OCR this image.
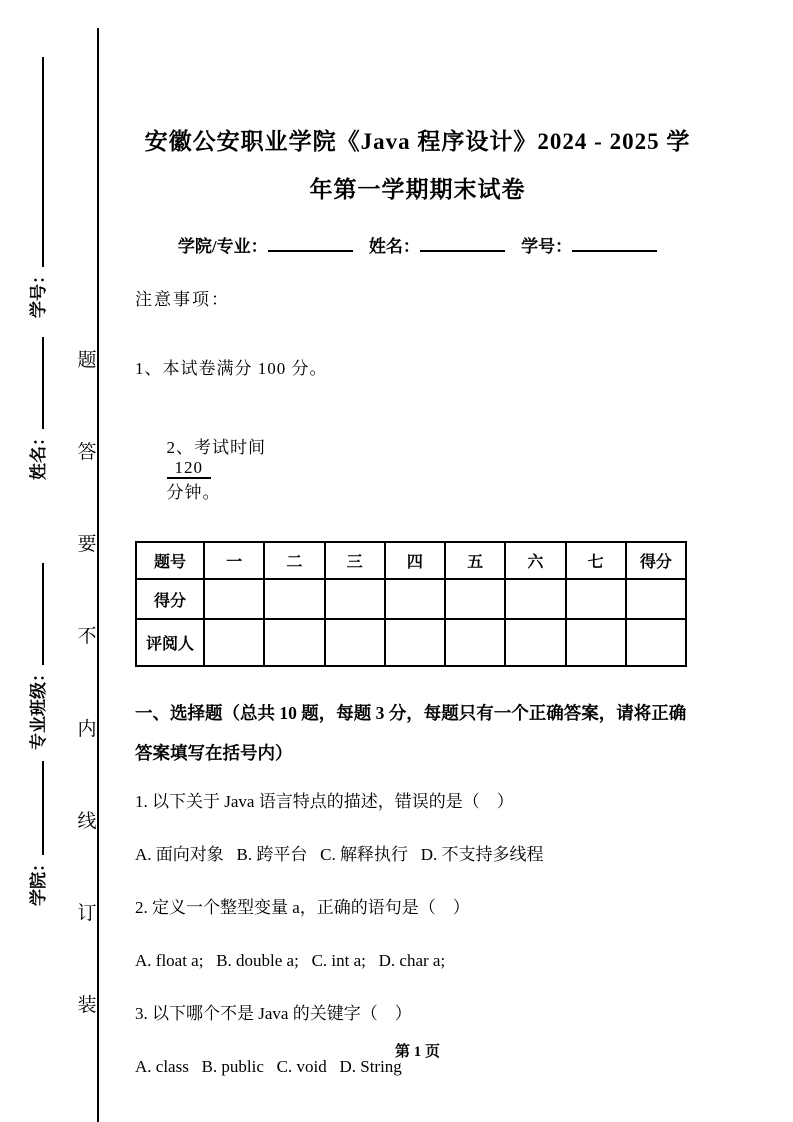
学号：
姓名：
专业班级：
学院：
题
答
要
不
内
线
订
装
安徽公安职业学院《Java 程序设计》2024 - 2025 学
年第一学期期末试卷
学院/专业：	姓名：	学号：
注意事项：
1、本试卷满分 100 分。

2、考试时间
120
分钟。

题号	一	二	三	四	五	六	七	得分
得分								
评阅人								
一、选择题（总共 10 题，每题 3 分，每题只有一个正确答案，请将正确答案填写在括号内）
1. 以下关于 Java 语言特点的描述，错误的是（　）
A. 面向对象   B. 跨平台   C. 解释执行   D. 不支持多线程
2. 定义一个整型变量 a，正确的语句是（　）
A. float a;   B. double a;   C. int a;   D. char a;
3. 以下哪个不是 Java 的关键字（　）
A. class   B. public   C. void   D. String
第 1 页
